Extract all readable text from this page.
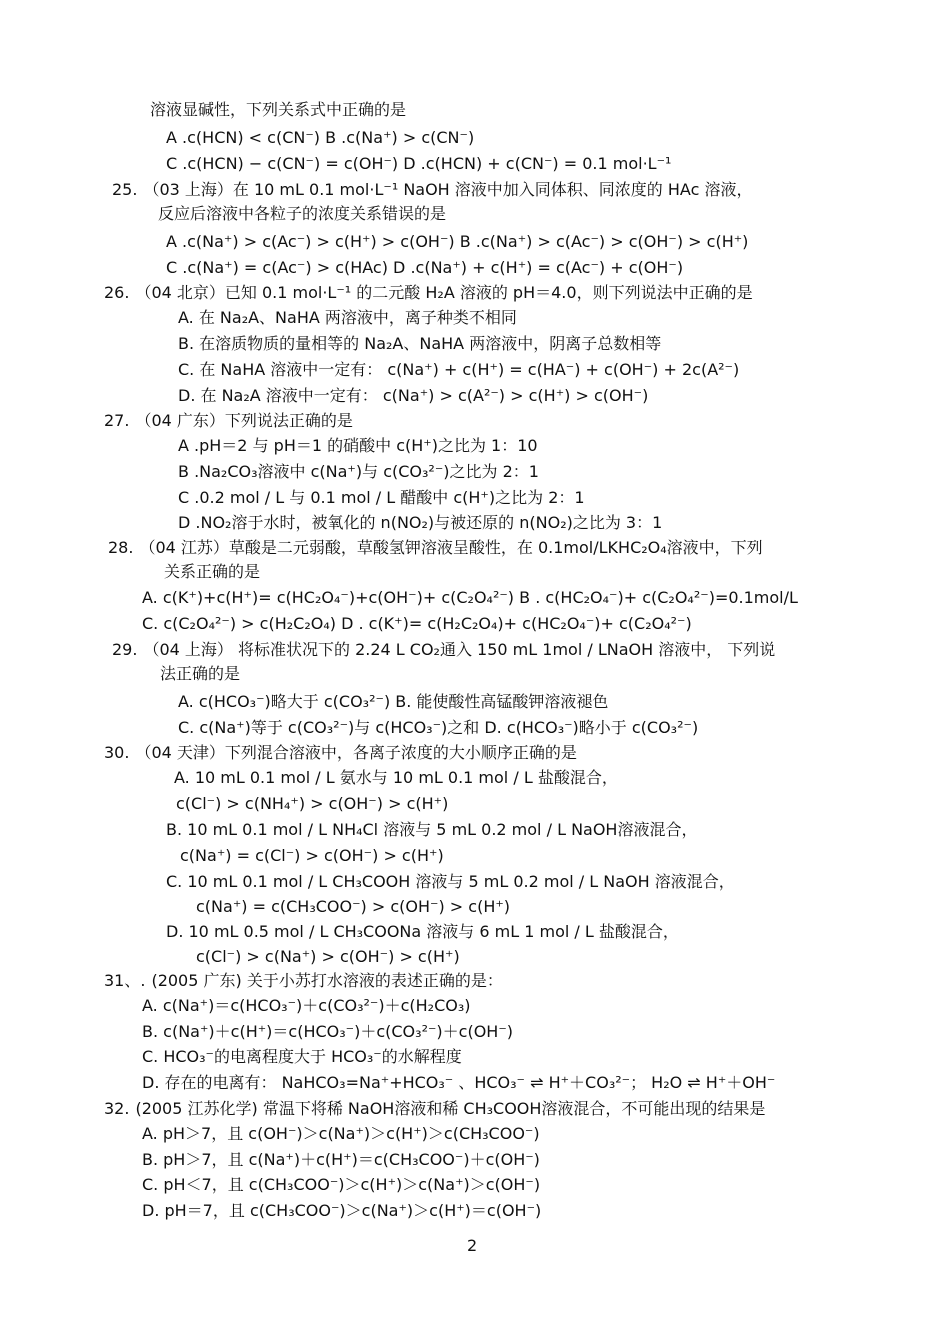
溶液显碱性，下列关系式中正确的是
A .c(HCN) < c(CN⁻) B .c(Na⁺) > c(CN⁻)
C .c(HCN) − c(CN⁻) = c(OH⁻) D .c(HCN) + c(CN⁻) = 0.1 mol·L⁻¹
25. （03 上海）在 10 mL 0.1 mol·L⁻¹ NaOH 溶液中加入同体积、同浓度的 HAc 溶液，
反应后溶液中各粒子的浓度关系错误的是
A .c(Na⁺) > c(Ac⁻) > c(H⁺) > c(OH⁻) B .c(Na⁺) > c(Ac⁻) > c(OH⁻) > c(H⁺)
C .c(Na⁺) = c(Ac⁻) > c(HAc) D .c(Na⁺) + c(H⁺) = c(Ac⁻) + c(OH⁻)
26. （04 北京）已知 0.1 mol·L⁻¹ 的二元酸 H₂A 溶液的 pH＝4.0，则下列说法中正确的是
A. 在 Na₂A、NaHA 两溶液中，离子种类不相同
B. 在溶质物质的量相等的 Na₂A、NaHA 两溶液中，阴离子总数相等
C. 在 NaHA 溶液中一定有： c(Na⁺) + c(H⁺) = c(HA⁻) + c(OH⁻) + 2c(A²⁻)
D. 在 Na₂A 溶液中一定有： c(Na⁺) > c(A²⁻) > c(H⁺) > c(OH⁻)
27. （04 广东）下列说法正确的是
A .pH＝2 与 pH＝1 的硝酸中 c(H⁺)之比为 1：10
B .Na₂CO₃溶液中 c(Na⁺)与 c(CO₃²⁻)之比为 2：1
C .0.2 mol / L 与 0.1 mol / L 醋酸中 c(H⁺)之比为 2：1
D .NO₂溶于水时，被氧化的 n(NO₂)与被还原的 n(NO₂)之比为 3：1
28. （04 江苏）草酸是二元弱酸，草酸氢钾溶液呈酸性，在 0.1mol/LKHC₂O₄溶液中，下列
关系正确的是
A. c(K⁺)+c(H⁺)= c(HC₂O₄⁻)+c(OH⁻)+ c(C₂O₄²⁻) B . c(HC₂O₄⁻)+ c(C₂O₄²⁻)=0.1mol/L
C. c(C₂O₄²⁻) > c(H₂C₂O₄) D . c(K⁺)= c(H₂C₂O₄)+ c(HC₂O₄⁻)+ c(C₂O₄²⁻)
29. （04 上海） 将标准状况下的 2.24 L CO₂通入 150 mL 1mol / LNaOH 溶液中， 下列说
法正确的是
A. c(HCO₃⁻)略大于 c(CO₃²⁻) B. 能使酸性高锰酸钾溶液褪色
C. c(Na⁺)等于 c(CO₃²⁻)与 c(HCO₃⁻)之和 D. c(HCO₃⁻)略小于 c(CO₃²⁻)
30. （04 天津）下列混合溶液中，各离子浓度的大小顺序正确的是
A. 10 mL 0.1 mol / L 氨水与 10 mL 0.1 mol / L 盐酸混合，
c(Cl⁻) > c(NH₄⁺) > c(OH⁻) > c(H⁺)
B. 10 mL 0.1 mol / L NH₄Cl 溶液与 5 mL 0.2 mol / L NaOH溶液混合，
c(Na⁺) = c(Cl⁻) > c(OH⁻) > c(H⁺)
C. 10 mL 0.1 mol / L CH₃COOH 溶液与 5 mL 0.2 mol / L NaOH 溶液混合，
c(Na⁺) = c(CH₃COO⁻) > c(OH⁻) > c(H⁺)
D. 10 mL 0.5 mol / L CH₃COONa 溶液与 6 mL 1 mol / L 盐酸混合，
c(Cl⁻) > c(Na⁺) > c(OH⁻) > c(H⁺)
31、. (2005 广东) 关于小苏打水溶液的表述正确的是：
A. c(Na⁺)＝c(HCO₃⁻)＋c(CO₃²⁻)＋c(H₂CO₃)
B. c(Na⁺)＋c(H⁺)＝c(HCO₃⁻)＋c(CO₃²⁻)＋c(OH⁻)
C. HCO₃⁻的电离程度大于 HCO₃⁻的水解程度
D. 存在的电离有： NaHCO₃=Na⁺+HCO₃⁻ 、HCO₃⁻ ⇌ H⁺＋CO₃²⁻； H₂O ⇌ H⁺＋OH⁻
32. (2005 江苏化学) 常温下将稀 NaOH溶液和稀 CH₃COOH溶液混合，不可能出现的结果是
A. pH＞7，且 c(OH⁻)＞c(Na⁺)＞c(H⁺)＞c(CH₃COO⁻)
B. pH＞7，且 c(Na⁺)＋c(H⁺)＝c(CH₃COO⁻)＋c(OH⁻)
C. pH＜7，且 c(CH₃COO⁻)＞c(H⁺)＞c(Na⁺)＞c(OH⁻)
D. pH＝7，且 c(CH₃COO⁻)＞c(Na⁺)＞c(H⁺)＝c(OH⁻)
2
